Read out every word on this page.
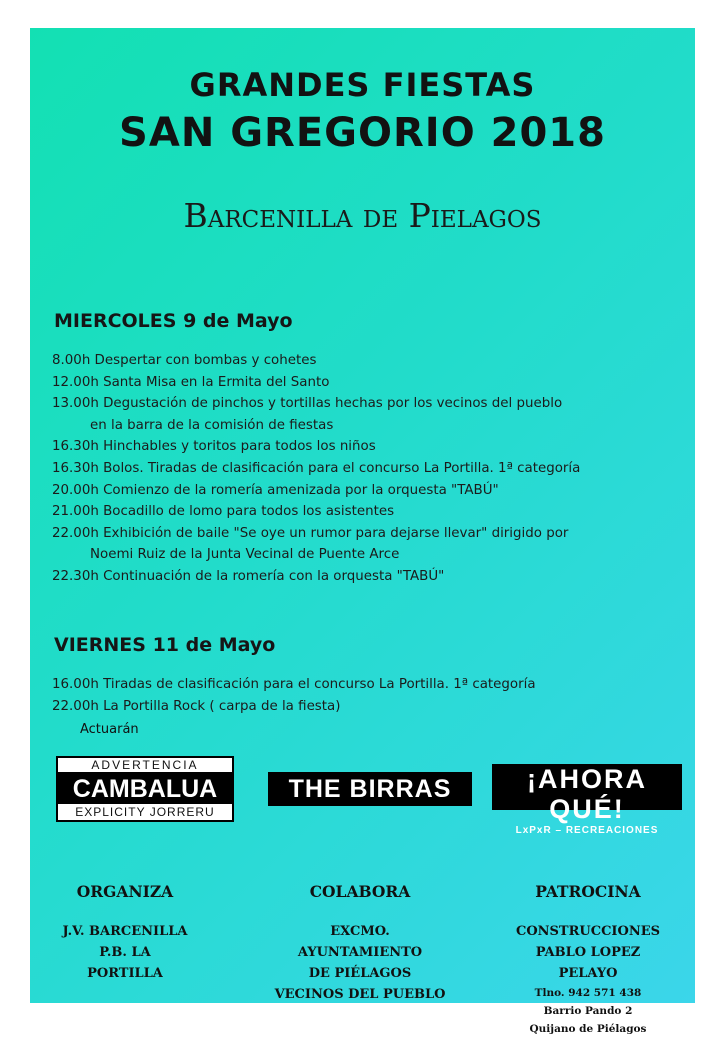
GRANDES FIESTAS
SAN GREGORIO 2018
Barcenilla de Pielagos
MIERCOLES 9 de Mayo
8.00h Despertar con bombas y cohetes
12.00h Santa Misa en la Ermita del Santo
13.00h Degustación de pinchos y tortillas hechas por los vecinos del pueblo
en la barra de la comisión de fiestas
16.30h Hinchables y toritos para todos los niños
16.30h Bolos. Tiradas de clasificación para el concurso La Portilla. 1ª categoría
20.00h Comienzo de la romería amenizada por la orquesta "TABÚ"
21.00h Bocadillo de lomo para todos los asistentes
22.00h Exhibición de baile "Se oye un rumor para dejarse llevar" dirigido por
Noemi Ruiz de la Junta Vecinal de Puente Arce
22.30h Continuación de la romería con la orquesta "TABÚ"
VIERNES 11 de Mayo
16.00h Tiradas de clasificación para el concurso La Portilla. 1ª categoría
22.00h La Portilla Rock ( carpa de la fiesta)
Actuarán
ADVERTENCIA
CAMBALUA
EXPLICITY JORRERU
THE BIRRAS	¡AHORA QUÉ!
LxPxR – RECREACIONES
ORGANIZA
J.V. BARCENILLA
P.B. LA PORTILLA
COLABORA
EXCMO. AYUNTAMIENTO
DE PIÉLAGOS
VECINOS DEL PUEBLO
PATROCINA
CONSTRUCCIONES
PABLO LOPEZ PELAYO
Tlno. 942 571 438
Barrio Pando 2
Quijano de Piélagos
